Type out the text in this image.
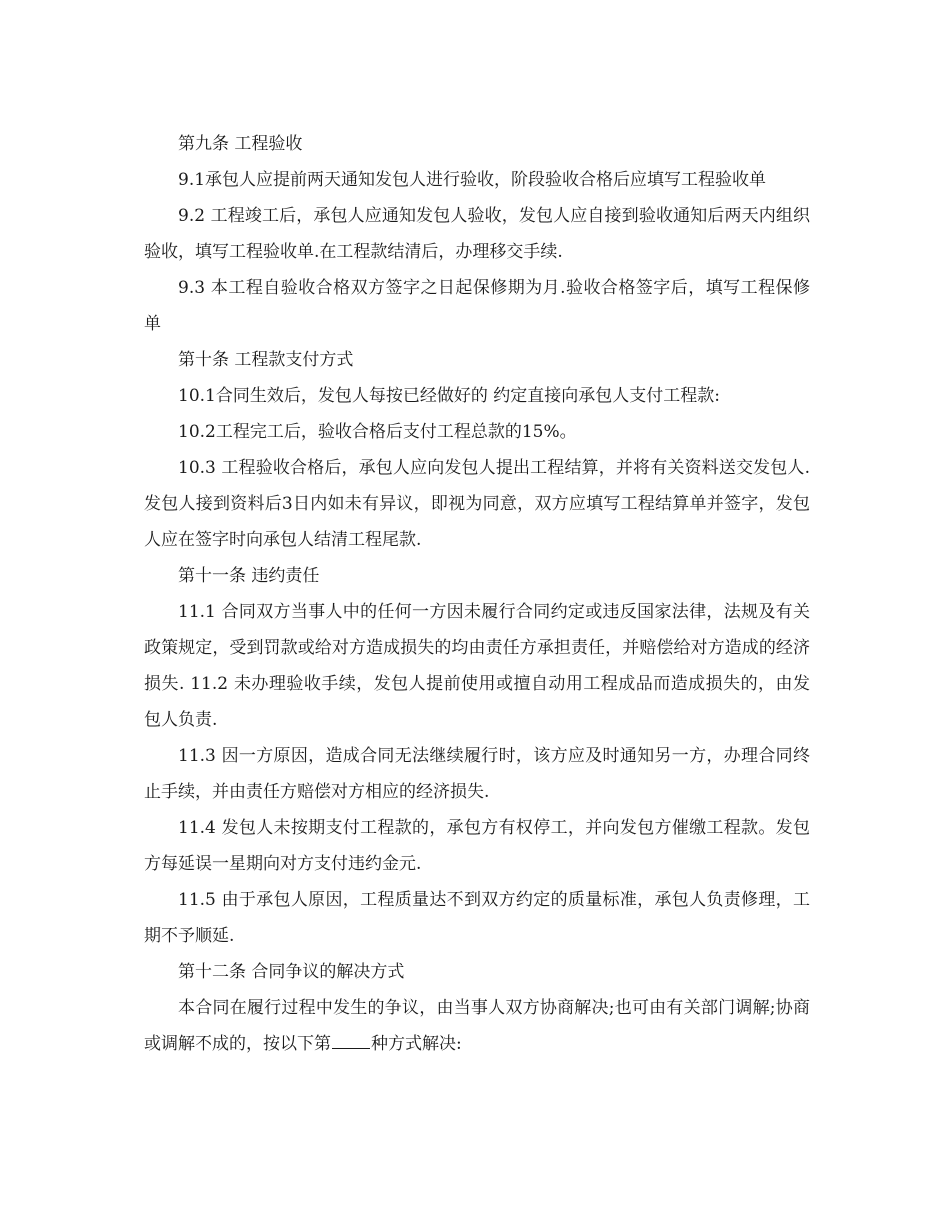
第九条 工程验收

9.1承包人应提前两天通知发包人进行验收，阶段验收合格后应填写工程验收单

9.2 工程竣工后，承包人应通知发包人验收，发包人应自接到验收通知后两天内组织验收，填写工程验收单.在工程款结清后，办理移交手续.

9.3 本工程自验收合格双方签字之日起保修期为月.验收合格签字后，填写工程保修单

第十条 工程款支付方式

10.1合同生效后，发包人每按已经做好的 约定直接向承包人支付工程款:

10.2工程完工后，验收合格后支付工程总款的15%。

10.3 工程验收合格后，承包人应向发包人提出工程结算，并将有关资料送交发包人.发包人接到资料后3日内如未有异议，即视为同意，双方应填写工程结算单并签字，发包人应在签字时向承包人结清工程尾款.

第十一条 违约责任

11.1 合同双方当事人中的任何一方因未履行合同约定或违反国家法律，法规及有关政策规定，受到罚款或给对方造成损失的均由责任方承担责任，并赔偿给对方造成的经济损失. 11.2 未办理验收手续，发包人提前使用或擅自动用工程成品而造成损失的，由发包人负责.

11.3 因一方原因，造成合同无法继续履行时，该方应及时通知另一方，办理合同终止手续，并由责任方赔偿对方相应的经济损失.

11.4 发包人未按期支付工程款的，承包方有权停工，并向发包方催缴工程款。发包方每延误一星期向对方支付违约金元.

11.5 由于承包人原因，工程质量达不到双方约定的质量标准，承包人负责修理，工期不予顺延.

第十二条 合同争议的解决方式

本合同在履行过程中发生的争议，由当事人双方协商解决;也可由有关部门调解;协商或调解不成的，按以下第 种方式解决:
